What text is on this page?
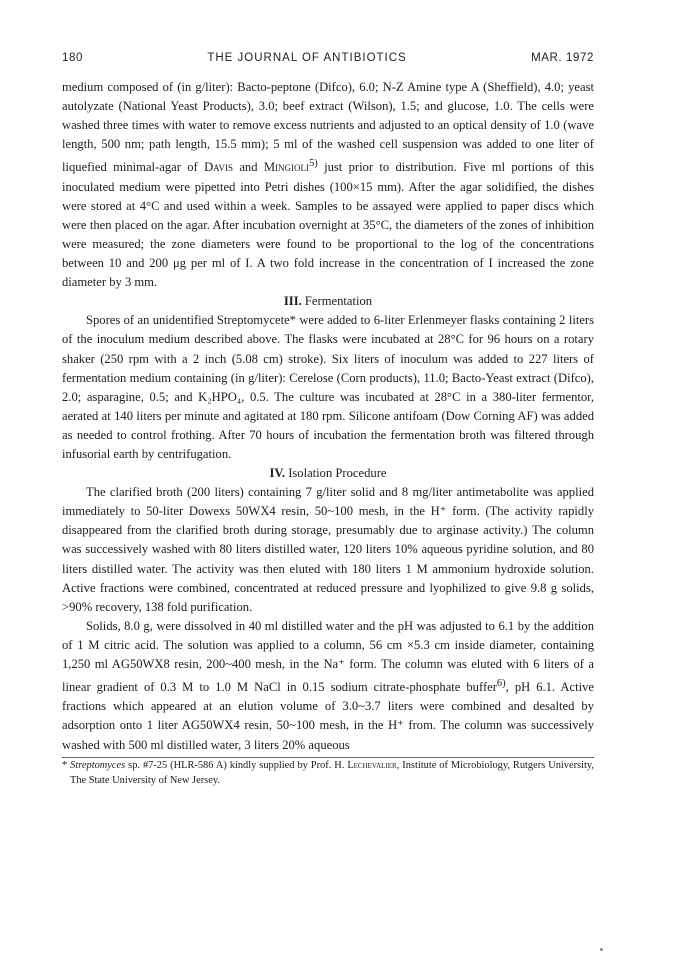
180	THE JOURNAL OF ANTIBIOTICS	MAR. 1972

medium composed of (in g/liter): Bacto-peptone (Difco), 6.0; N-Z Amine type A (Sheffield), 4.0; yeast autolyzate (National Yeast Products), 3.0; beef extract (Wilson), 1.5; and glucose, 1.0. The cells were washed three times with water to remove excess nutrients and adjusted to an optical density of 1.0 (wave length, 500 nm; path length, 15.5 mm); 5 ml of the washed cell suspension was added to one liter of liquefied minimal-agar of Davis and Mingioli$^{5)}$ just prior to distribution. Five ml portions of this inoculated medium were pipetted into Petri dishes (100×15 mm). After the agar solidified, the dishes were stored at 4°C and used within a week. Samples to be assayed were applied to paper discs which were then placed on the agar. After incubation overnight at 35°C, the diameters of the zones of inhibition were measured; the zone diameters were found to be proportional to the log of the concentrations between 10 and 200 μg per ml of I. A two fold increase in the concentration of I increased the zone diameter by 3 mm.

III. Fermentation

Spores of an unidentified Streptomycete* were added to 6-liter Erlenmeyer flasks containing 2 liters of the inoculum medium described above. The flasks were incubated at 28°C for 96 hours on a rotary shaker (250 rpm with a 2 inch (5.08 cm) stroke). Six liters of inoculum was added to 227 liters of fermentation medium containing (in g/liter): Cerelose (Corn products), 11.0; Bacto-Yeast extract (Difco), 2.0; asparagine, 0.5; and K₂HPO₄, 0.5. The culture was incubated at 28°C in a 380-liter fermentor, aerated at 140 liters per minute and agitated at 180 rpm. Silicone antifoam (Dow Corning AF) was added as needed to control frothing. After 70 hours of incubation the fermentation broth was filtered through infusorial earth by centrifugation.

IV. Isolation Procedure

The clarified broth (200 liters) containing 7 g/liter solid and 8 mg/liter antimetabolite was applied immediately to 50-liter Dowexs 50WX4 resin, 50~100 mesh, in the H⁺ form. (The activity rapidly disappeared from the clarified broth during storage, presumably due to arginase activity.) The column was successively washed with 80 liters distilled water, 120 liters 10% aqueous pyridine solution, and 80 liters distilled water. The activity was then eluted with 180 liters 1 M ammonium hydroxide solution. Active fractions were combined, concentrated at reduced pressure and lyophilized to give 9.8 g solids, >90% recovery, 138 fold purification.

Solids, 8.0 g, were dissolved in 40 ml distilled water and the pH was adjusted to 6.1 by the addition of 1 M citric acid. The solution was applied to a column, 56 cm ×5.3 cm inside diameter, containing 1,250 ml AG50WX8 resin, 200~400 mesh, in the Na⁺ form. The column was eluted with 6 liters of a linear gradient of 0.3 M to 1.0 M NaCl in 0.15 sodium citrate-phosphate buffer$^{6)}$, pH 6.1. Active fractions which appeared at an elution volume of 3.0~3.7 liters were combined and desalted by adsorption onto 1 liter AG50WX4 resin, 50~100 mesh, in the H⁺ from. The column was successively washed with 500 ml distilled water, 3 liters 20% aqueous

* Streptomyces sp. #7-25 (HLR-586 A) kindly supplied by Prof. H. Lechevalier, Institute of Microbiology, Rutgers University, The State University of New Jersey.
